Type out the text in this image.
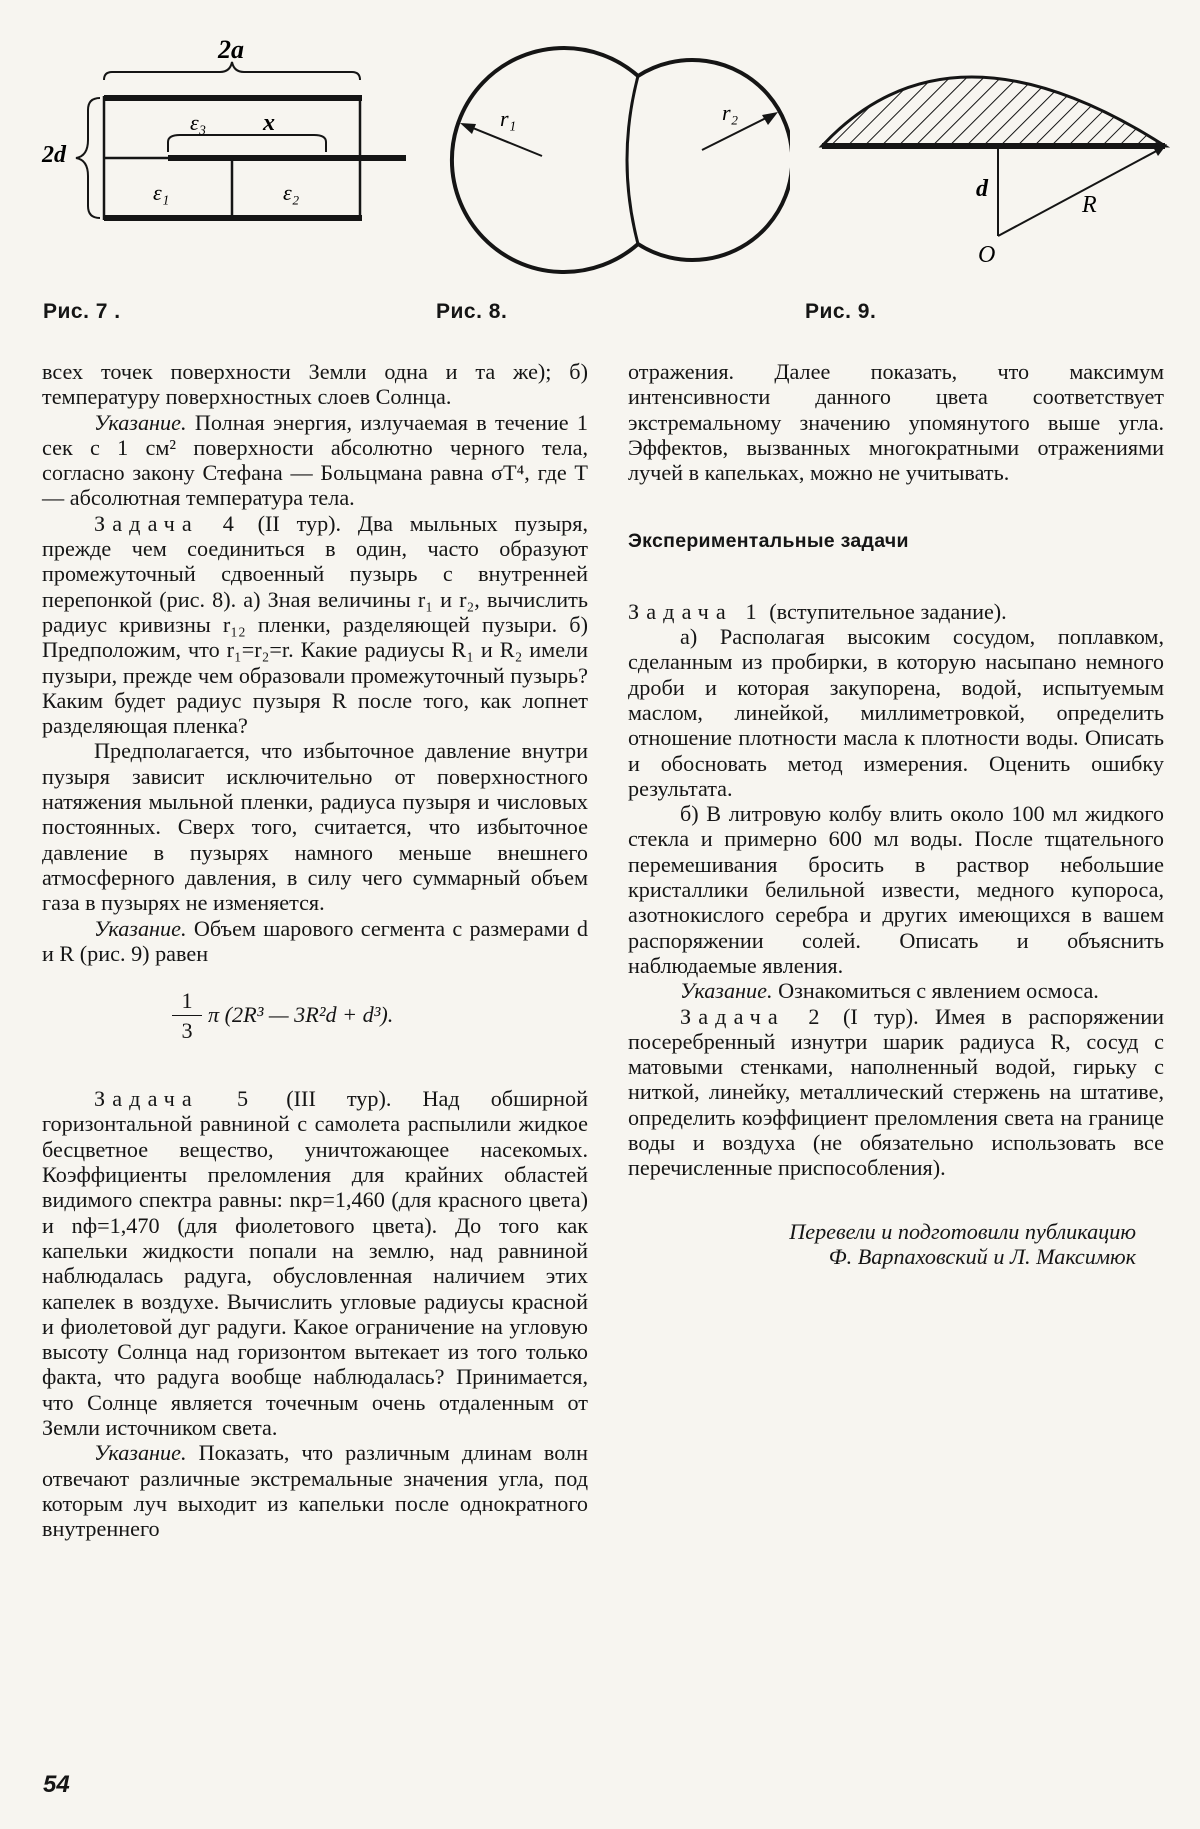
2a
2d
ε₃ x
ε₁	ε₂
Рис. 7 .
r₁	r₂
Рис. 8.
d
R
O
Рис. 9.

всех точек поверхности Земли одна и та же); б) температуру поверхностных слоев Солнца.

Указание. Полная энергия, излучаемая в течение 1 сек с 1 см² поверхности абсолютно черного тела, согласно закону Стефана — Больцмана равна σT⁴, где T — абсолютная температура тела.

Задача 4 (II тур). Два мыльных пузыря, прежде чем соединиться в один, часто образуют промежуточный сдвоенный пузырь с внутренней перепонкой (рис. 8). а) Зная величины r₁ и r₂, вычислить радиус кривизны r₁₂ пленки, разделяющей пузыри. б) Предположим, что r₁=r₂=r. Какие радиусы R₁ и R₂ имели пузыри, прежде чем образовали промежуточный пузырь? Каким будет радиус пузыря R после того, как лопнет разделяющая пленка?

Предполагается, что избыточное давление внутри пузыря зависит исключительно от поверхностного натяжения мыльной пленки, радиуса пузыря и числовых постоянных. Сверх того, считается, что избыточное давление в пузырях намного меньше внешнего атмосферного давления, в силу чего суммарный объем газа в пузырях не изменяется.

Указание. Объем шарового сегмента с размерами d и R (рис. 9) равен

$\frac{1}{3}$ π (2R³ — 3R²d + d³).

Задача 5 (III тур). Над обширной горизонтальной равниной с самолета распылили жидкое бесцветное вещество, уничтожающее насекомых. Коэффициенты преломления для крайних областей видимого спектра равны: nкр=1,460 (для красного цвета) и nф=1,470 (для фиолетового цвета). До того как капельки жидкости попали на землю, над равниной наблюдалась радуга, обусловленная наличием этих капелек в воздухе. Вычислить угловые радиусы красной и фиолетовой дуг радуги. Какое ограничение на угловую высоту Солнца над горизонтом вытекает из того только факта, что радуга вообще наблюдалась? Принимается, что Солнце является точечным очень отдаленным от Земли источником света.

Указание. Показать, что различным длинам волн отвечают различные экстремальные значения угла, под которым луч выходит из капельки после однократного внутреннего

отражения. Далее показать, что максимум интенсивности данного цвета соответствует экстремальному значению упомянутого выше угла. Эффектов, вызванных многократными отражениями лучей в капельках, можно не учитывать.

Экспериментальные задачи

Задача 1 (вступительное задание).

а) Располагая высоким сосудом, поплавком, сделанным из пробирки, в которую насыпано немного дроби и которая закупорена, водой, испытуемым маслом, линейкой, миллиметровкой, определить отношение плотности масла к плотности воды. Описать и обосновать метод измерения. Оценить ошибку результата.

б) В литровую колбу влить около 100 мл жидкого стекла и примерно 600 мл воды. После тщательного перемешивания бросить в раствор небольшие кристаллики белильной извести, медного купороса, азотнокислого серебра и других имеющихся в вашем распоряжении солей. Описать и объяснить наблюдаемые явления.

Указание. Ознакомиться с явлением осмоса.

Задача 2 (I тур). Имея в распоряжении посеребренный изнутри шарик радиуса R, сосуд с матовыми стенками, наполненный водой, гирьку с ниткой, линейку, металлический стержень на штативе, определить коэффициент преломления света на границе воды и воздуха (не обязательно использовать все перечисленные приспособления).

Перевели и подготовили публикацию
Ф. Варпаховский и Л. Максимюк

54
